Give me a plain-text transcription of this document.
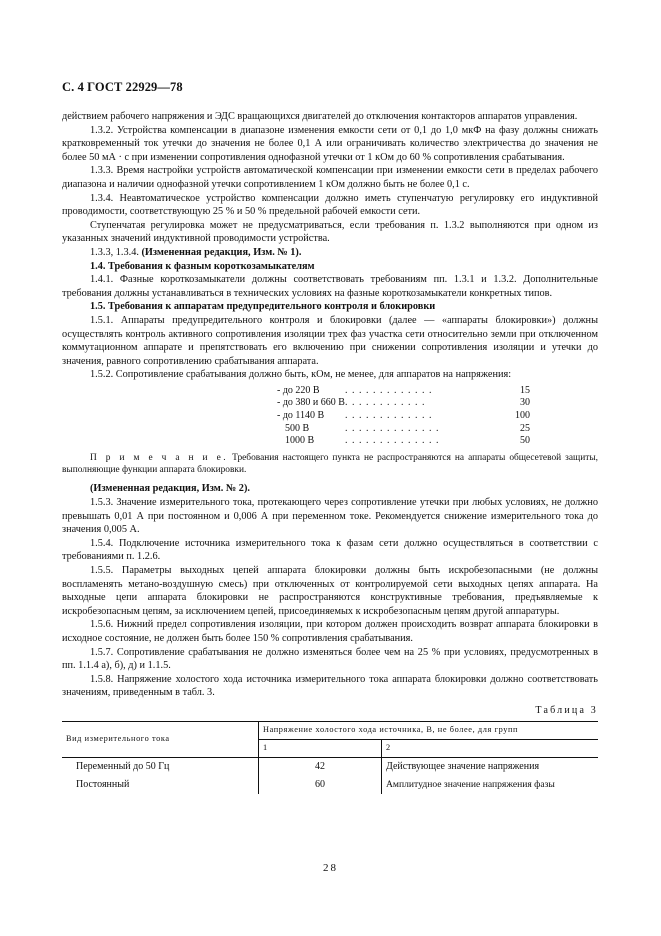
С. 4 ГОСТ 22929—78

действием рабочего напряжения и ЭДС вращающихся двигателей до отключения контакторов аппаратов управления.

1.3.2. Устройства компенсации в диапазоне изменения емкости сети от 0,1 до 1,0 мкФ на фазу должны снижать кратковременный ток утечки до значения не более 0,1 А или ограничивать количество электричества до значения не более 50 мА · с при изменении сопротивления однофазной утечки от 1 кОм до 60 % сопротивления срабатывания.

1.3.3. Время настройки устройств автоматической компенсации при изменении емкости сети в пределах рабочего диапазона и наличии однофазной утечки сопротивлением 1 кОм должно быть не более 0,1 с.

1.3.4. Неавтоматическое устройство компенсации должно иметь ступенчатую регулировку его индуктивной проводимости, соответствующую 25 % и 50 % предельной рабочей емкости сети.

Ступенчатая регулировка может не предусматриваться, если требования п. 1.3.2 выполняются при одном из указанных значений индуктивной проводимости устройства.

1.3.3, 1.3.4. (Измененная редакция, Изм. № 1).

1.4. Требования к фазным короткозамыкателям

1.4.1. Фазные короткозамыкатели должны соответствовать требованиям пп. 1.3.1 и 1.3.2. Дополнительные требования должны устанавливаться в технических условиях на фазные короткозамыкатели конкретных типов.

1.5. Требования к аппаратам предупредительного контроля и блокировки

1.5.1. Аппараты предупредительного контроля и блокировки (далее — «аппараты блокировки») должны осуществлять контроль активного сопротивления изоляции трех фаз участка сети относительно земли при отключенном коммутационном аппарате и препятствовать его включению при снижении сопротивления изоляции и утечки до значения, равного сопротивлению срабатывания аппарата.

1.5.2. Сопротивление срабатывания должно быть, кОм, не менее, для аппаратов на напряжения:

- до 220 В	. . . . . . . . . . . . .	15
- до 380 и 660 В	. . . . . . . . . . . .	30
- до 1140 В	. . . . . . . . . . . . .	100
500 В	. . . . . . . . . . . . . .	25
1000 В	. . . . . . . . . . . . . .	50

П р и м е ч а н и е. Требования настоящего пункта не распространяются на аппараты общесетевой защиты, выполняющие функции аппарата блокировки.

(Измененная редакция, Изм. № 2).

1.5.3. Значение измерительного тока, протекающего через сопротивление утечки при любых условиях, не должно превышать 0,01 А при постоянном и 0,006 А при переменном токе. Рекомендуется снижение измерительного тока до значения 0,005 А.

1.5.4. Подключение источника измерительного тока к фазам сети должно осуществляться в соответствии с требованиями п. 1.2.6.

1.5.5. Параметры выходных цепей аппарата блокировки должны быть искробезопасными (не должны воспламенять метано-воздушную смесь) при отключенных от контролируемой сети выходных цепях аппарата. На выходные цепи аппарата блокировки не распространяются конструктивные требования, предъявляемые к искробезопасным цепям, за исключением цепей, присоединяемых к искробезопасным цепям другой аппаратуры.

1.5.6. Нижний предел сопротивления изоляции, при котором должен происходить возврат аппарата блокировки в исходное состояние, не должен быть более 150 % сопротивления срабатывания.

1.5.7. Сопротивление срабатывания не должно изменяться более чем на 25 % при условиях, предусмотренных в пп. 1.1.4 а), б), д) и 1.1.5.

1.5.8. Напряжение холостого хода источника измерительного тока аппарата блокировки должно соответствовать значениям, приведенным в табл. 3.

Таблица 3
Вид измерительного тока	Напряжение холостого хода источника, В, не более, для групп	
	1	2
Переменный до 50 Гц	42	Действующее значение напряжения
Постоянный	60	Амплитудное значение напряжения фазы
28
